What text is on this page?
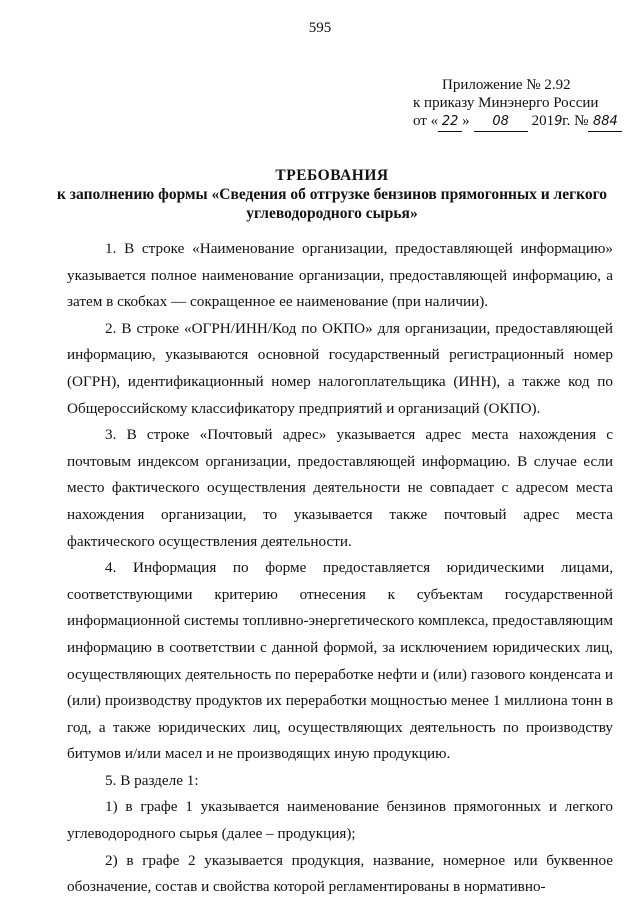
595
Приложение № 2.92
к приказу Минэнерго России
от « 22 » 08 2019г. № 884
ТРЕБОВАНИЯ
к заполнению формы «Сведения об отгрузке бензинов прямогонных и легкого углеводородного сырья»

1. В строке «Наименование организации, предоставляющей информацию» указывается полное наименование организации, предоставляющей информацию, а затем в скобках — сокращенное ее наименование (при наличии).

2. В строке «ОГРН/ИНН/Код по ОКПО» для организации, предоставляющей информацию, указываются основной государственный регистрационный номер (ОГРН), идентификационный номер налогоплательщика (ИНН), а также код по Общероссийскому классификатору предприятий и организаций (ОКПО).

3. В строке «Почтовый адрес» указывается адрес места нахождения с почтовым индексом организации, предоставляющей информацию. В случае если место фактического осуществления деятельности не совпадает с адресом места нахождения организации, то указывается также почтовый адрес места фактического осуществления деятельности.

4. Информация по форме предоставляется юридическими лицами, соответствующими критерию отнесения к субъектам государственной информационной системы топливно-энергетического комплекса, предоставляющим информацию в соответствии с данной формой, за исключением юридических лиц, осуществляющих деятельность по переработке нефти и (или) газового конденсата и (или) производству продуктов их переработки мощностью менее 1 миллиона тонн в год, а также юридических лиц, осуществляющих деятельность по производству битумов и/или масел и не производящих иную продукцию.

5. В разделе 1:

1) в графе 1 указывается наименование бензинов прямогонных и легкого углеводородного сырья (далее – продукция);

2) в графе 2 указывается продукция, название, номерное или буквенное обозначение, состав и свойства которой регламентированы в нормативно-
